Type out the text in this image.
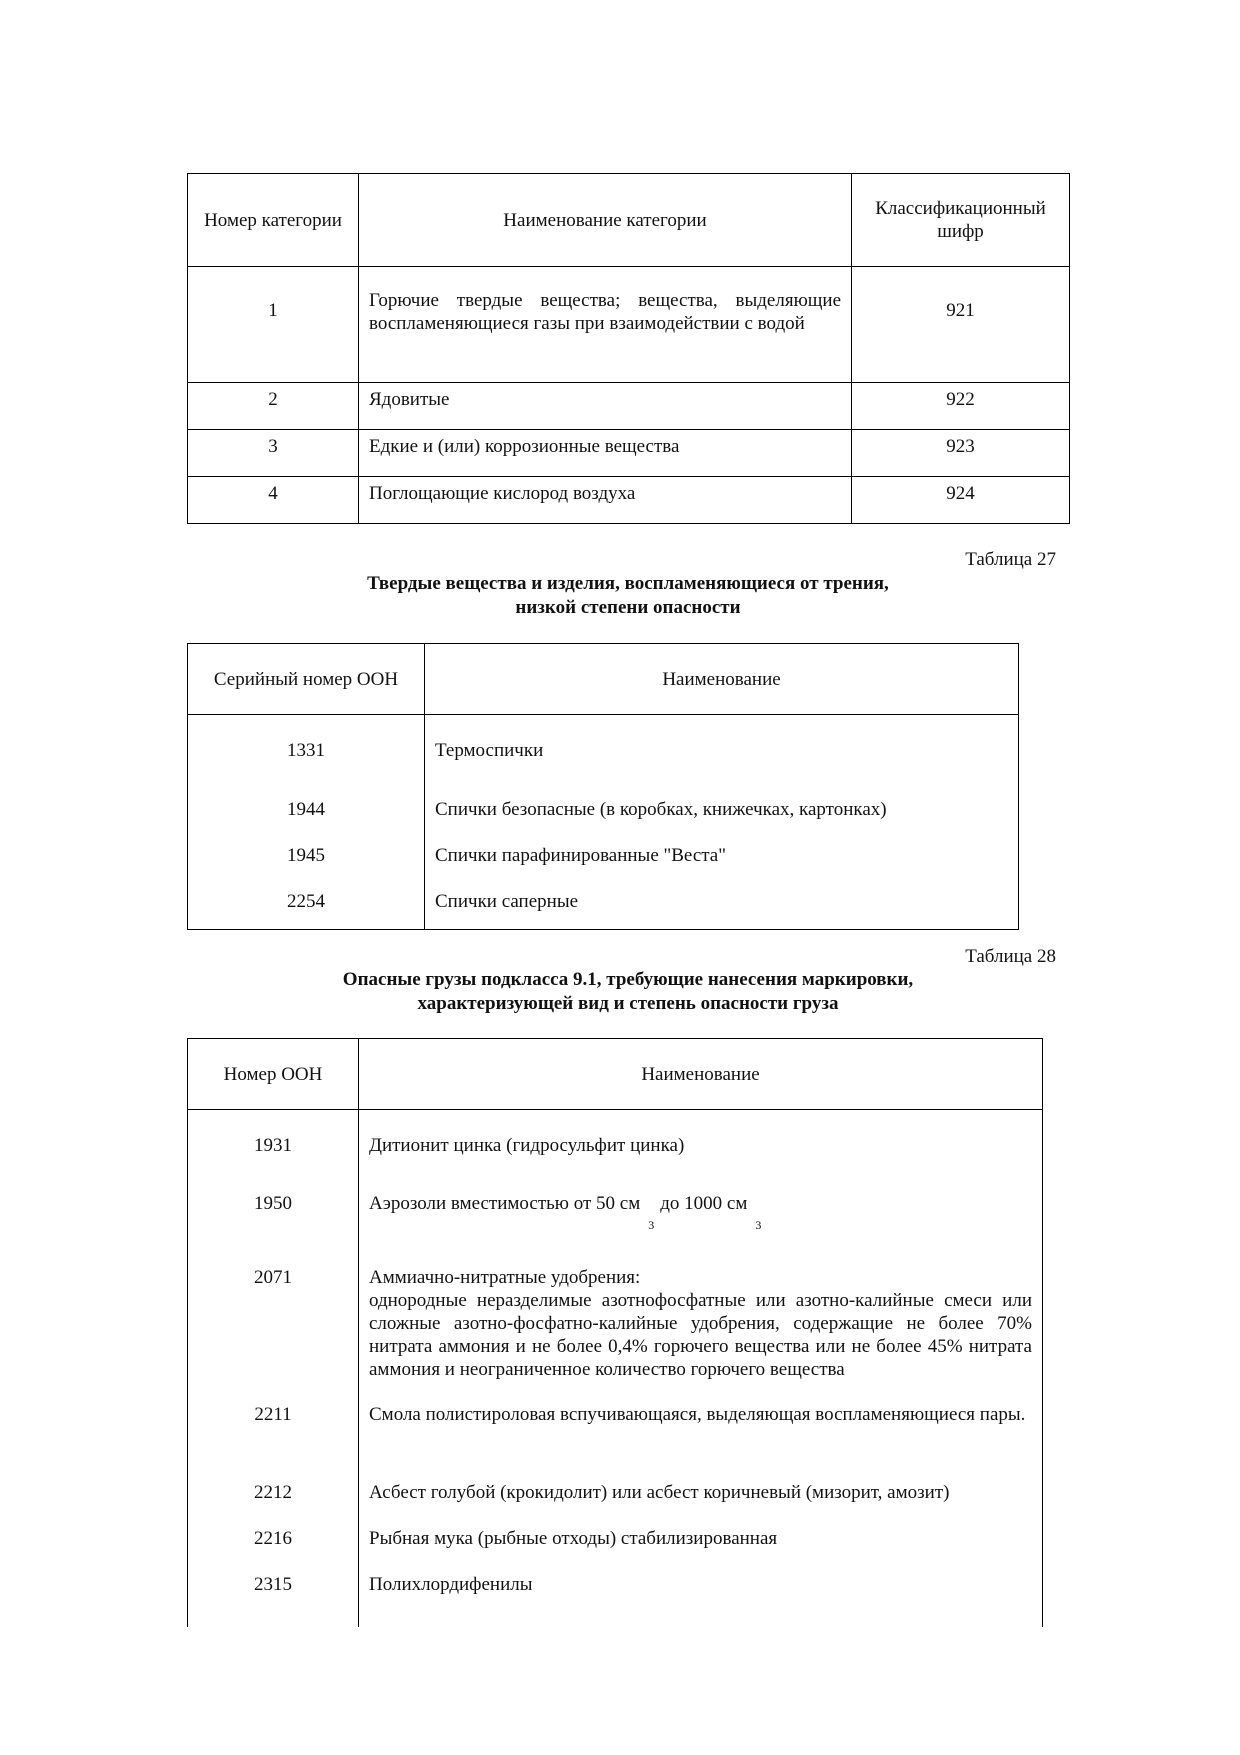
Номер категории	Наименование категории	Классификационный шифр
1	Горючие твердые вещества; вещества, выделяющие воспламеняющиеся газы при взаимодействии с водой	921
2	Ядовитые	922
3	Едкие и (или) коррозионные вещества	923
4	Поглощающие кислород воздуха	924
Таблица 27
Твердые вещества и изделия, воспламеняющиеся от трения,
низкой степени опасности
Серийный номер ООН	Наименование
1331	Термоспички
1944	Спички безопасные (в коробках, книжечках, картонках)
1945	Спички парафинированные "Веста"
2254	Спички саперные
Таблица 28
Опасные грузы подкласса 9.1, требующие нанесения маркировки,
характеризующей вид и степень опасности груза
Номер ООН	Наименование
1931	Дитионит цинка (гидросульфит цинка)
1950	Аэрозоли вместимостью от 50 $см^3до$ 1000 $см^3$
2071	Аммиачно-нитратные удобрения:
однородные неразделимые азотнофосфатные или азотно-калийные смеси или сложные азотно-фосфатно-калийные удобрения, содержащие не более 70% нитрата аммония и не более 0,4% горючего вещества или не более 45% нитрата аммония и неограниченное количество горючего вещества

2211	Смола полистироловая вспучивающаяся, выделяющая воспламеняющиеся пары.

2212	Асбест голубой (крокидолит) или асбест коричневый (мизорит, амозит)
2216	Рыбная мука (рыбные отходы) стабилизированная
2315	Полихлордифенилы
